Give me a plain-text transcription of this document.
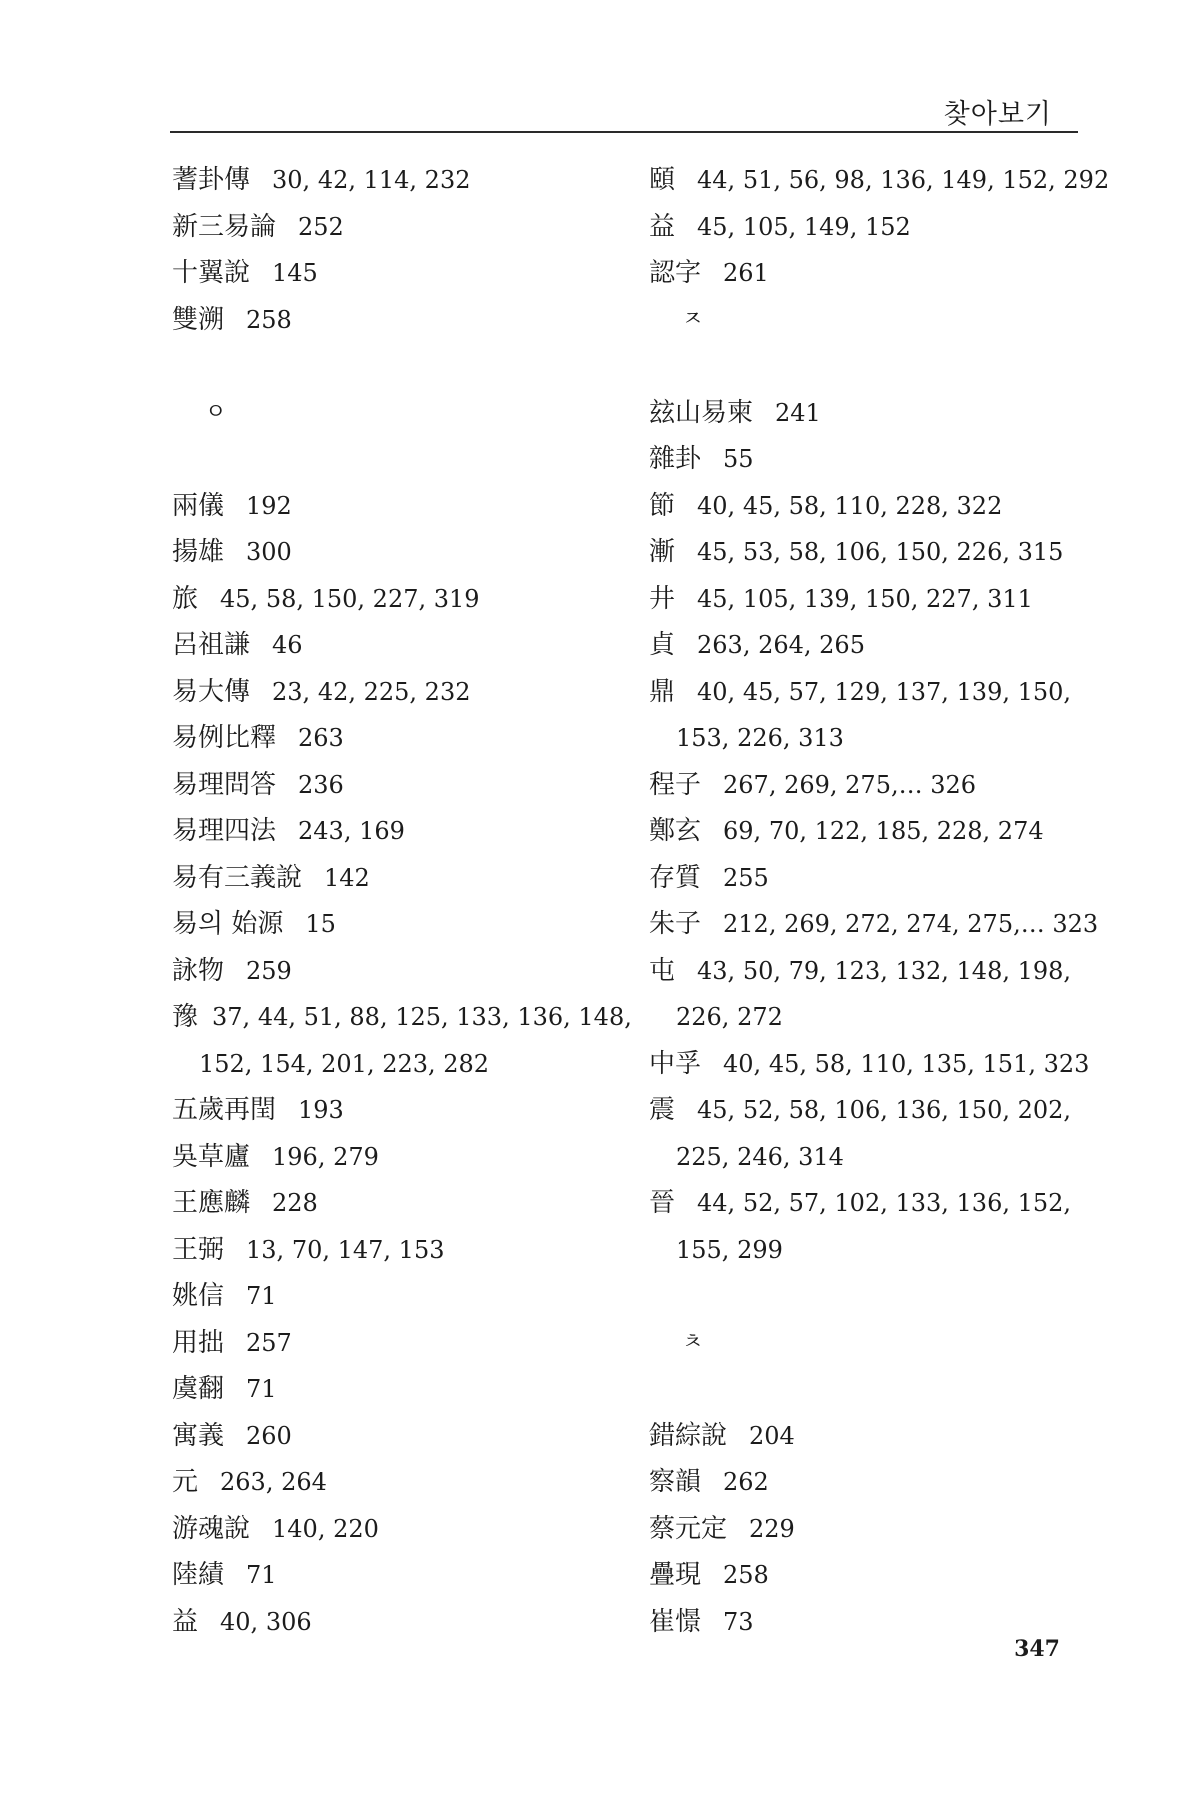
찾아보기
蓍卦傳 30, 42, 114, 232
新三易論 252
十翼說 145
雙溯 258
ㅇ
兩儀 192
揚雄 300
旅 45, 58, 150, 227, 319
呂祖謙 46
易大傳 23, 42, 225, 232
易例比釋 263
易理問答 236
易理四法 243, 169
易有三義說 142
易의 始源 15
詠物 259
豫 37, 44, 51, 88, 125, 133, 136, 148,
152, 154, 201, 223, 282
五歲再閏 193
吳草廬 196, 279
王應麟 228
王弼 13, 70, 147, 153
姚信 71
用拙 257
虞翻 71
寓義 260
元 263, 264
游魂說 140, 220
陸績 71
益 40, 306
頤 44, 51, 56, 98, 136, 149, 152, 292
益 45, 105, 149, 152
認字 261
ㅈ
玆山易柬 241
雜卦 55
節 40, 45, 58, 110, 228, 322
漸 45, 53, 58, 106, 150, 226, 315
井 45, 105, 139, 150, 227, 311
貞 263, 264, 265
鼎 40, 45, 57, 129, 137, 139, 150,
153, 226, 313
程子 267, 269, 275,… 326
鄭玄 69, 70, 122, 185, 228, 274
存質 255
朱子 212, 269, 272, 274, 275,… 323
屯 43, 50, 79, 123, 132, 148, 198,
226, 272
中孚 40, 45, 58, 110, 135, 151, 323
震 45, 52, 58, 106, 136, 150, 202,
225, 246, 314
晉 44, 52, 57, 102, 133, 136, 152,
155, 299
ㅊ
錯綜說 204
察韻 262
蔡元定 229
疊現 258
崔憬 73
347
